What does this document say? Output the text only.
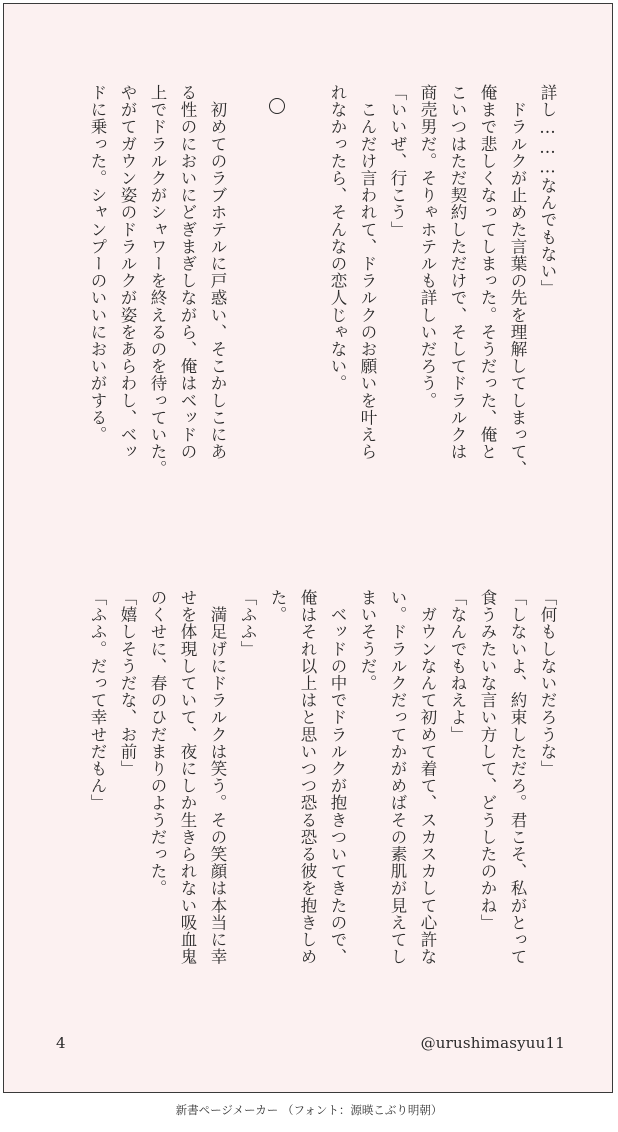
詳し………なんでもない」
　ドラルクが止めた言葉の先を理解してしまって、
俺まで悲しくなってしまった。そうだった、俺と
こいつはただ契約しただけで、そしてドラルクは
商売男だ。そりゃホテルも詳しいだろう。
「いいぜ、行こう」
　こんだけ言われて、ドラルクのお願いを叶えら
れなかったら、そんなの恋人じゃない。

　初めてのラブホテルに戸惑い、そこかしこにあ
る性のにおいにどぎまぎしながら、俺はベッドの
上でドラルクがシャワーを終えるのを待っていた。
やがてガウン姿のドラルクが姿をあらわし、ベッ
ドに乗った。シャンプーのいいにおいがする。
「何もしないだろうな」
「しないよ、約束しただろ。君こそ、私がとって
食うみたいな言い方して、どうしたのかね」
「なんでもねえよ」
　ガウンなんて初めて着て、スカスカして心許な
い。ドラルクだってかがめばその素肌が見えてし
まいそうだ。
　ベッドの中でドラルクが抱きついてきたので、
俺はそれ以上はと思いつつ恐る恐る彼を抱きしめ
た。
「ふふ」
　満足げにドラルクは笑う。その笑顔は本当に幸
せを体現していて、夜にしか生きられない吸血鬼
のくせに、春のひだまりのようだった。
「嬉しそうだな、お前」
「ふふ。だって幸せだもん」
4	@urushimasyuu11
新書ページメーカー （フォント：源暎こぶり明朝）
